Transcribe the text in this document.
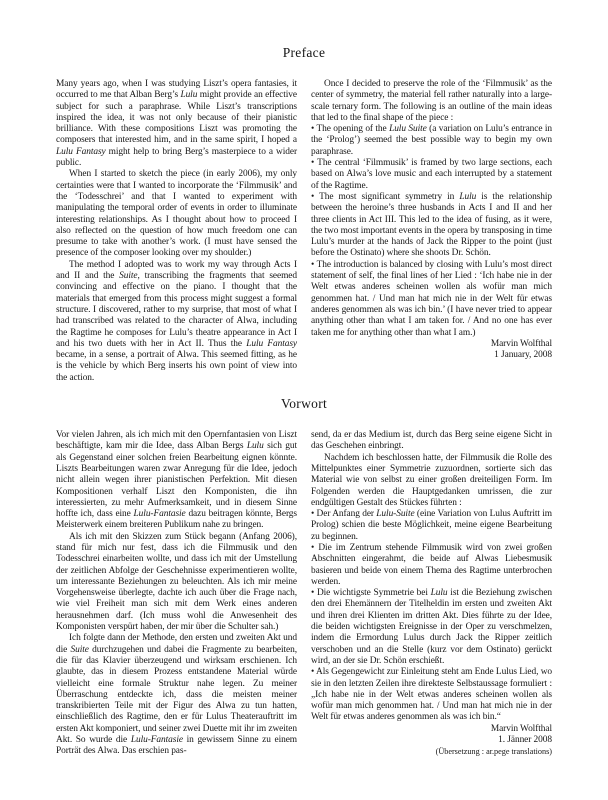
Preface

Many years ago, when I was studying Liszt’s opera fantasies, it occurred to me that Alban Berg’s Lulu might provide an effective subject for such a paraphrase. While Liszt’s transcriptions inspired the idea, it was not only because of their pianistic brilliance. With these compositions Liszt was promoting the composers that interested him, and in the same spirit, I hoped a Lulu Fantasy might help to bring Berg’s masterpiece to a wider public.

When I started to sketch the piece (in early 2006), my only certainties were that I wanted to incorporate the ‘Filmmusik’ and the ‘Todesschrei’ and that I wanted to experiment with manipulating the temporal order of events in order to illuminate interesting relationships. As I thought about how to proceed I also reflected on the question of how much freedom one can presume to take with another’s work. (I must have sensed the presence of the composer looking over my shoulder.)

The method I adopted was to work my way through Acts I and II and the Suite, transcribing the fragments that seemed convincing and effective on the piano. I thought that the materials that emerged from this process might suggest a formal structure. I discovered, rather to my surprise, that most of what I had transcribed was related to the character of Alwa, including the Ragtime he composes for Lulu’s theatre appearance in Act I and his two duets with her in Act II. Thus the Lulu Fantasy became, in a sense, a portrait of Alwa. This seemed fitting, as he is the vehicle by which Berg inserts his own point of view into the action.

Once I decided to preserve the role of the ‘Filmmusik’ as the center of symmetry, the material fell rather naturally into a large-scale ternary form. The following is an outline of the main ideas that led to the final shape of the piece :

• The opening of the Lulu Suite (a variation on Lulu’s entrance in the ‘Prolog’) seemed the best possible way to begin my own paraphrase.

• The central ‘Filmmusik’ is framed by two large sections, each based on Alwa’s love music and each interrupted by a statement of the Ragtime.

• The most significant symmetry in Lulu is the relationship between the heroine’s three husbands in Acts I and II and her three clients in Act III. This led to the idea of fusing, as it were, the two most important events in the opera by transposing in time Lulu’s murder at the hands of Jack the Ripper to the point (just before the Ostinato) where she shoots Dr. Schön.

• The introduction is balanced by closing with Lulu’s most direct statement of self, the final lines of her Lied : ‘Ich habe nie in der Welt etwas anderes scheinen wollen als wofür man mich genommen hat. / Und man hat mich nie in der Welt für etwas anderes genommen als was ich bin.’ (I have never tried to appear anything other than what I am taken for. / And no one has ever taken me for anything other than what I am.)

Marvin Wolfthal
1 January, 2008
Vorwort

Vor vielen Jahren, als ich mich mit den Opernfantasien von Liszt beschäftigte, kam mir die Idee, dass Alban Bergs Lulu sich gut als Gegenstand einer solchen freien Bearbeitung eignen könnte. Liszts Bearbeitungen waren zwar Anregung für die Idee, jedoch nicht allein wegen ihrer pianistischen Perfektion. Mit diesen Kompositionen verhalf Liszt den Komponisten, die ihn interessierten, zu mehr Aufmerksamkeit, und in diesem Sinne hoffte ich, dass eine Lulu-Fantasie dazu beitragen könnte, Bergs Meisterwerk einem breiteren Publikum nahe zu bringen.

Als ich mit den Skizzen zum Stück begann (Anfang 2006), stand für mich nur fest, dass ich die Filmmusik und den Todesschrei einarbeiten wollte, und dass ich mit der Umstellung der zeitlichen Abfolge der Geschehnisse experimentieren wollte, um interessante Beziehungen zu beleuchten. Als ich mir meine Vorgehensweise überlegte, dachte ich auch über die Frage nach, wie viel Freiheit man sich mit dem Werk eines anderen herausnehmen darf. (Ich muss wohl die Anwesenheit des Komponisten verspürt haben, der mir über die Schulter sah.)

Ich folgte dann der Methode, den ersten und zweiten Akt und die Suite durchzugehen und dabei die Fragmente zu bearbeiten, die für das Klavier überzeugend und wirksam erschienen. Ich glaubte, das in diesem Prozess entstandene Material würde vielleicht eine formale Struktur nahe legen. Zu meiner Überraschung entdeckte ich, dass die meisten meiner transkribierten Teile mit der Figur des Alwa zu tun hatten, einschließlich des Ragtime, den er für Lulus Theaterauftritt im ersten Akt komponiert, und seiner zwei Duette mit ihr im zweiten Akt. So wurde die Lulu-Fantasie in gewissem Sinne zu einem Porträt des Alwa. Das erschien pas-

send, da er das Medium ist, durch das Berg seine eigene Sicht in das Geschehen einbringt.

Nachdem ich beschlossen hatte, der Filmmusik die Rolle des Mittelpunktes einer Symmetrie zuzuordnen, sortierte sich das Material wie von selbst zu einer großen dreiteiligen Form. Im Folgenden werden die Hauptgedanken umrissen, die zur endgültigen Gestalt des Stückes führten :

• Der Anfang der Lulu-Suite (eine Variation von Lulus Auftritt im Prolog) schien die beste Möglichkeit, meine eigene Bearbeitung zu beginnen.

• Die im Zentrum stehende Filmmusik wird von zwei großen Abschnitten eingerahmt, die beide auf Alwas Liebesmusik basieren und beide von einem Thema des Ragtime unterbrochen werden.

• Die wichtigste Symmetrie bei Lulu ist die Beziehung zwischen den drei Ehemännern der Titelheldin im ersten und zweiten Akt und ihren drei Klienten im dritten Akt. Dies führte zu der Idee, die beiden wichtigsten Ereignisse in der Oper zu verschmelzen, indem die Ermordung Lulus durch Jack the Ripper zeitlich verschoben und an die Stelle (kurz vor dem Ostinato) gerückt wird, an der sie Dr. Schön erschießt.

• Als Gegengewicht zur Einleitung steht am Ende Lulus Lied, wo sie in den letzten Zeilen ihre direkteste Selbstaussage formuliert : „Ich habe nie in der Welt etwas anderes scheinen wollen als wofür man mich genommen hat. / Und man hat mich nie in der Welt für etwas anderes genommen als was ich bin.“

Marvin Wolfthal
1. Jänner 2008
(Übersetzung : ar.pege translations)
